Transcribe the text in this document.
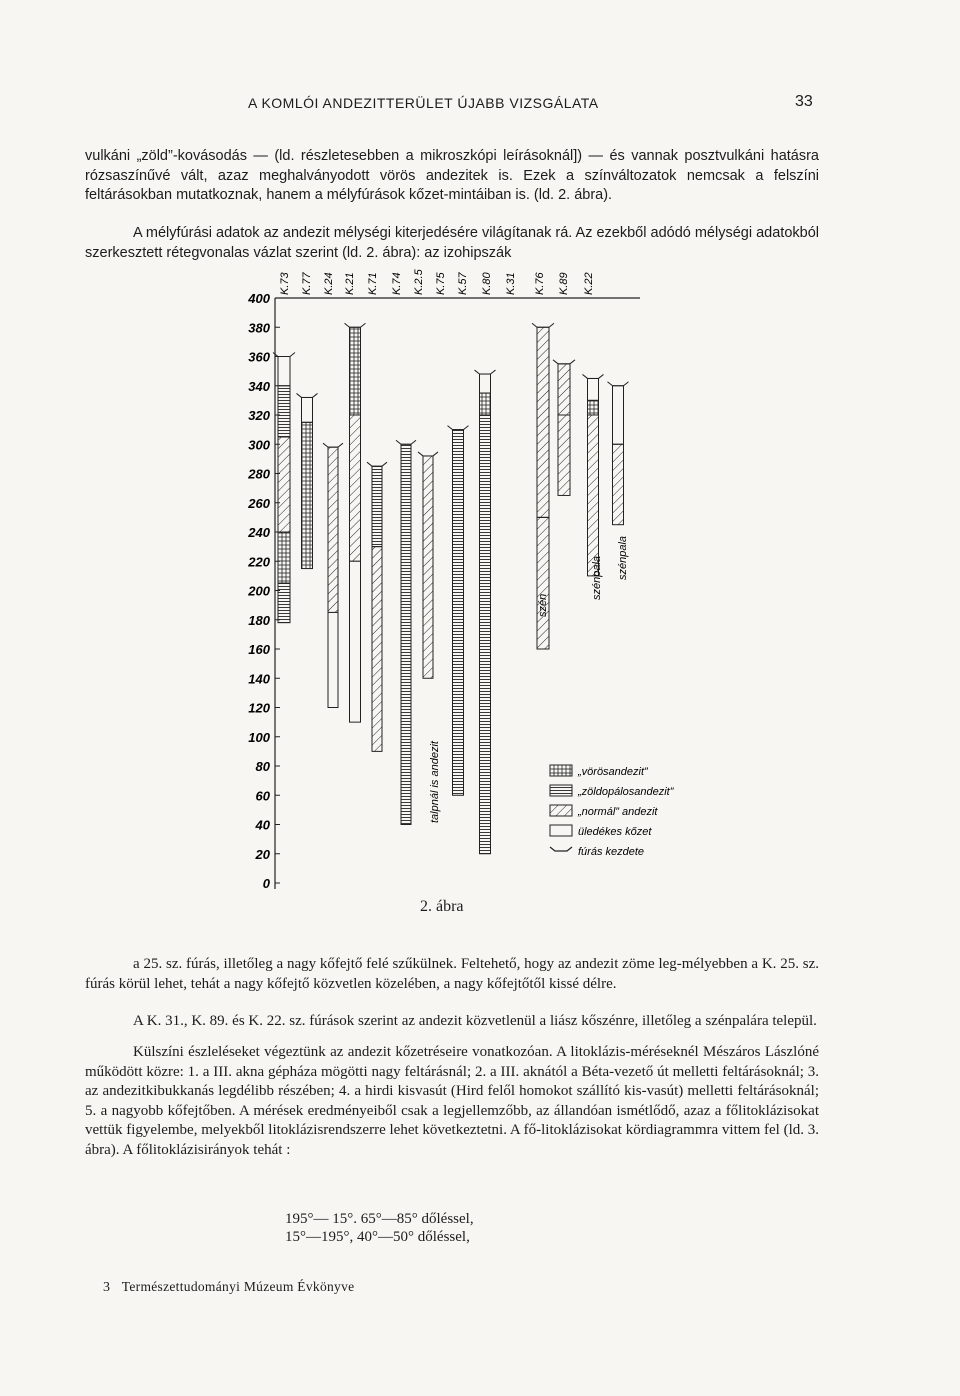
A KOMLÓI ANDEZITTERÜLET ÚJABB VIZSGÁLATA	33

vulkáni „zöld”-kovásodás — (ld. részletesebben a mikroszkópi leírásoknál]) — és vannak posztvulkáni hatásra rózsaszínűvé vált, azaz meghalványodott vörös andezitek is. Ezek a színváltozatok nemcsak a felszíni feltárásokban mutatkoznak, hanem a mélyfúrások kőzet-mintáiban is. (ld. 2. ábra).

A mélyfúrási adatok az andezit mélységi kiterjedésére világítanak rá. Az ezekből adódó mélységi adatokból szerkesztett rétegvonalas vázlat szerint (ld. 2. ábra): az izohipszák

400
380
360
340
320
300
280
260
240
220
200
180
160
140
120
100
80
60
40
20
0
K.73 K.77 K.24 K.21 K.71 K.74 K.2.5 K.75 K.57 K.80 K.31 K.76 K.89 K.22
talpnál is andezit
szén
szénpala szénpala
„vörösandezit”
„zöldopálosandezit”
„normál” andezit
üledékes kőzet
fúrás kezdete
2. ábra

a 25. sz. fúrás, illetőleg a nagy kőfejtő felé szűkülnek. Feltehető, hogy az andezit zöme leg-mélyebben a K. 25. sz. fúrás körül lehet, tehát a nagy kőfejtő közvetlen közelében, a nagy kőfejtőtől kissé délre.

A K. 31., K. 89. és K. 22. sz. fúrások szerint az andezit közvetlenül a liász kőszénre, illetőleg a szénpalára települ.

Külszíni észleléseket végeztünk az andezit kőzetréseire vonatkozóan. A litoklázis-méréseknél Mészáros Lászlóné működött közre: 1. a III. akna gépháza mögötti nagy feltárásnál; 2. a III. aknától a Béta-vezető út melletti feltárásoknál; 3. az andezitkibukkanás legdélibb részében; 4. a hirdi kisvasút (Hird felől homokot szállító kis-vasút) melletti feltárásoknál; 5. a nagyobb kőfejtőben. A mérések eredményeiből csak a legjellemzőbb, az állandóan ismétlődő, azaz a főlitoklázisokat vettük figyelembe, melyekből litoklázisrendszerre lehet következtetni. A fő-litoklázisokat kördiagrammra vittem fel (ld. 3. ábra). A főlitoklázisirányok tehát :

195°— 15°. 65°—85° dőléssel,
15°—195°, 40°—50° dőléssel,
3 Természettudományi Múzeum Évkönyve
